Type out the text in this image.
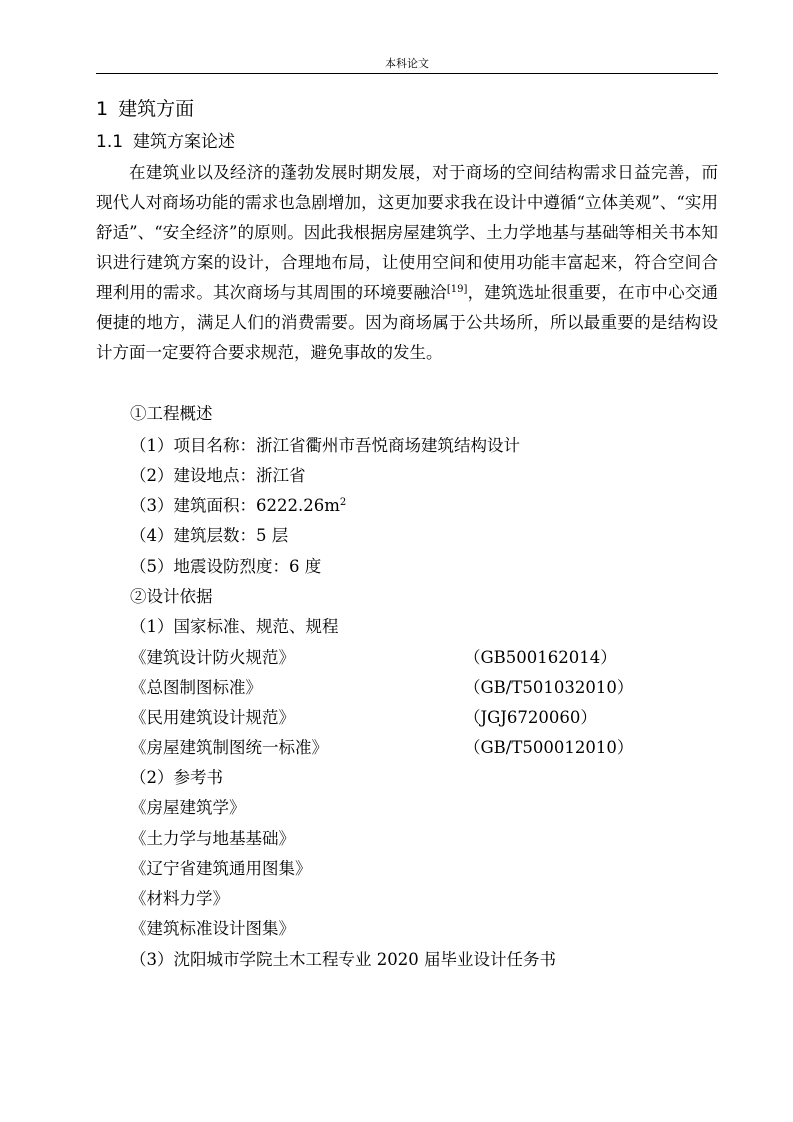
本科论文
1 建筑方面
1.1 建筑方案论述

在建筑业以及经济的蓬勃发展时期发展，对于商场的空间结构需求日益完善，而现代人对商场功能的需求也急剧增加，这更加要求我在设计中遵循“立体美观”、“实用舒适”、“安全经济”的原则。因此我根据房屋建筑学、土力学地基与基础等相关书本知识进行建筑方案的设计，合理地布局，让使用空间和使用功能丰富起来，符合空间合理利用的需求。其次商场与其周围的环境要融洽[19]，建筑选址很重要，在市中心交通便捷的地方，满足人们的消费需要。因为商场属于公共场所，所以最重要的是结构设计方面一定要符合要求规范，避免事故的发生。

①工程概述
（1）项目名称：浙江省衢州市吾悦商场建筑结构设计
（2）建设地点：浙江省
（3）建筑面积：$6222.26m^2$
（4）建筑层数：5 层
（5）地震设防烈度：6 度
②设计依据
（1）国家标准、规范、规程
《建筑设计防火规范》	（GB500162014）
《总图制图标准》	（GB/T501032010）
《民用建筑设计规范》	（JGJ6720060）
《房屋建筑制图统一标准》	（GB/T500012010）
（2）参考书
《房屋建筑学》
《土力学与地基基础》
《辽宁省建筑通用图集》
《材料力学》
《建筑标准设计图集》
（3）沈阳城市学院土木工程专业 2020 届毕业设计任务书
